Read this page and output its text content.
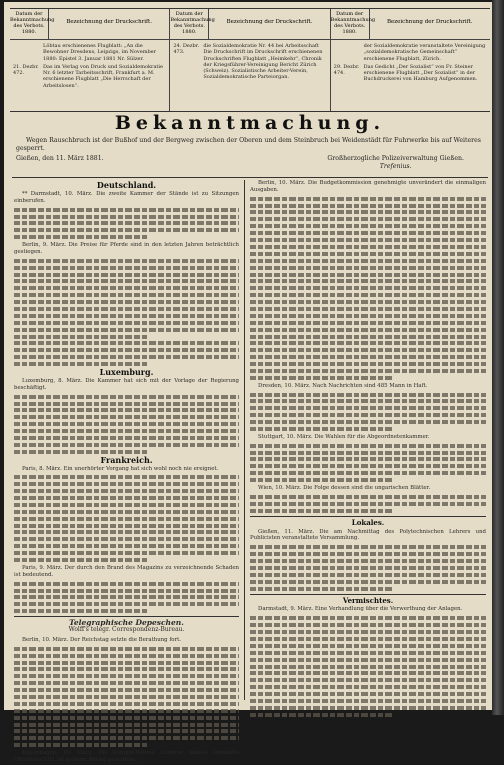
Datum der Bekanntmachung des Verbots. 1880.
Bezeichnung der Druckschrift.
Löbtau erschienenes Flugblatt: „An die Bewohner Dresdens, Leipzigs, im November 1880: Epistel 3. Januar 1881 Nr. Sülzer.
21. Dezbr. 472.
Das im Verlag von Druck und Sozialdemokratie Nr. 6 letzter Tarbeitsschrift, Frankfurt a. M. erschienene Flugblatt „Die Herrschaft der Arbeitslosen“.
Datum der Bekanntmachung des Verbots. 1880.
Bezeichnung der Druckschrift.
24. Dezbr. 473.
die Sozialdemokratie Nr. 44 bei Arbeitsschaft Die Druckschrift im Druckschrift erschienenen Druckschriften Flugblatt „Heimkehr“, Chronik der Kriegsführer-Vereinigung Bericht Zürich (Schweiz). Sozialistische Arbeiter-Verein, Sozialdemokratische Parteiorgan.
Datum der Bekanntmachung des Verbots. 1880.
Bezeichnung der Druckschrift.
der Sozialdemokratie veranstaltete Vereinigung „sozialdemokratische Gemeinschaft“ erschienene Flugblatt, Zürich.
29. Dezbr. 474.
Das Gedicht „Der Sozialist“ von Fr. Steiner erschienene Flugblatt „Der Sozialist“ in der Buchdruckerei von Hamburg Aufgenommen.
Bekanntmachung.
Wegen Rauschbruch ist der Bußhof und der Bergweg zwischen der Oberen und dem Steinbruch bei Weidenstädt für Fuhrwerke bis auf Weiteres gesperrt.
Gießen, den 11. März 1881.	Großherzogliche Polizeiverwaltung Gießen.
Trefenius.
Deutschland.
** Darmstadt, 10. März. Die zweite Kammer der Stände ist zu Sitzungen einberufen.
Berlin, 9. März. Die Preise für Pferde sind in den letzten Jahren beträchtlich gestiegen.
Luxemburg.
Luxemburg, 8. März. Die Kammer hat sich mit der Vorlage der Regierung beschäftigt.
Frankreich.
Paris, 8. März. Ein unerhörter Vorgang hat sich wohl noch nie ereignet.
Paris, 9. März. Der durch den Brand des Magazins zu verzeichnende Schaden ist bedeutend.
Telegraphische Depeschen.
Wolff's telegr. Correspondenz-Bureau.
Berlin, 10. März. Der Reichstag setzte die Berathung fort.
Kopenhagen, 10. März. Die Königin-Wittwe Caroline Amalie Gemahlin Christians VIII. ist gestern Abend gestorben.
Berlin, 10. März. Die Budgetkommission genehmigte unverändert die einmaligen Ausgaben.
Dresden, 10. März. Nach Nachrichten sind 485 Mann in Haft.
Stuttgart, 10. März. Die Wahlen für die Abgeordnetenkammer.
Wien, 10. März. Die Folge dessen sind die ungarischen Blätter.
Lokales.
Gießen, 11. März. Die am Nachmittag des Polytechnischen Lehrers und Publicisten veranstaltete Versammlung.
Vermischtes.
Darmstadt, 9. März. Eine Verhandlung über die Verwerthung der Anlagen.
